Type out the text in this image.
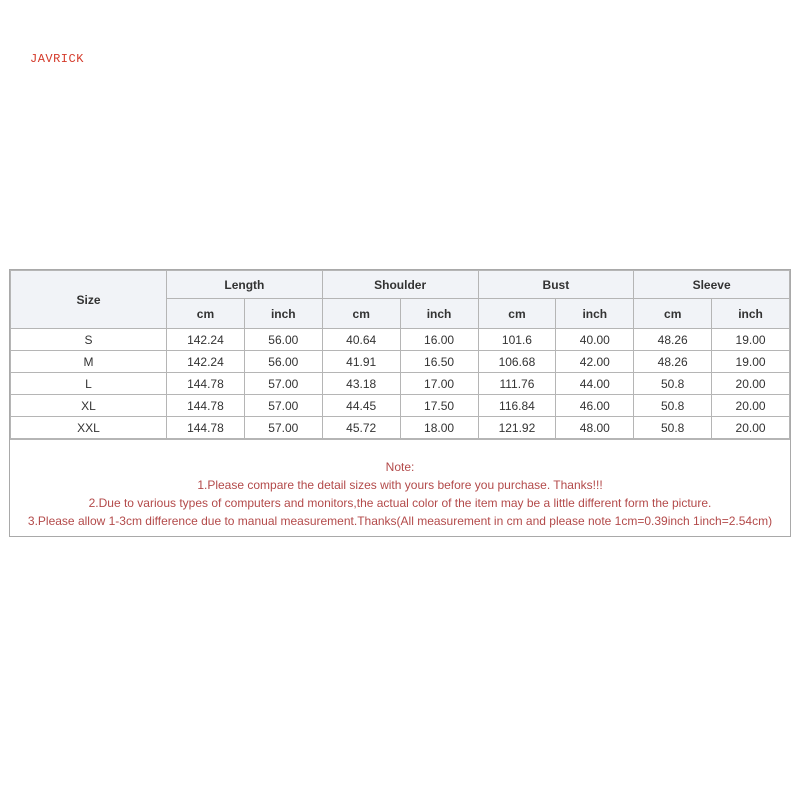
JAVRICK
Size	Length		Shoulder		Bust		Sleeve	
	cm	inch	cm	inch	cm	inch	cm	inch
S	142.24	56.00	40.64	16.00	101.6	40.00	48.26	19.00
M	142.24	56.00	41.91	16.50	106.68	42.00	48.26	19.00
L	144.78	57.00	43.18	17.00	111.76	44.00	50.8	20.00
XL	144.78	57.00	44.45	17.50	116.84	46.00	50.8	20.00
XXL	144.78	57.00	45.72	18.00	121.92	48.00	50.8	20.00
Note:
1.Please compare the detail sizes with yours before you purchase. Thanks!!!
2.Due to various types of computers and monitors,the actual color of the item may be a little different form the picture.
3.Please allow 1-3cm difference due to manual measurement.Thanks(All measurement in cm and please note 1cm=0.39inch 1inch=2.54cm)
